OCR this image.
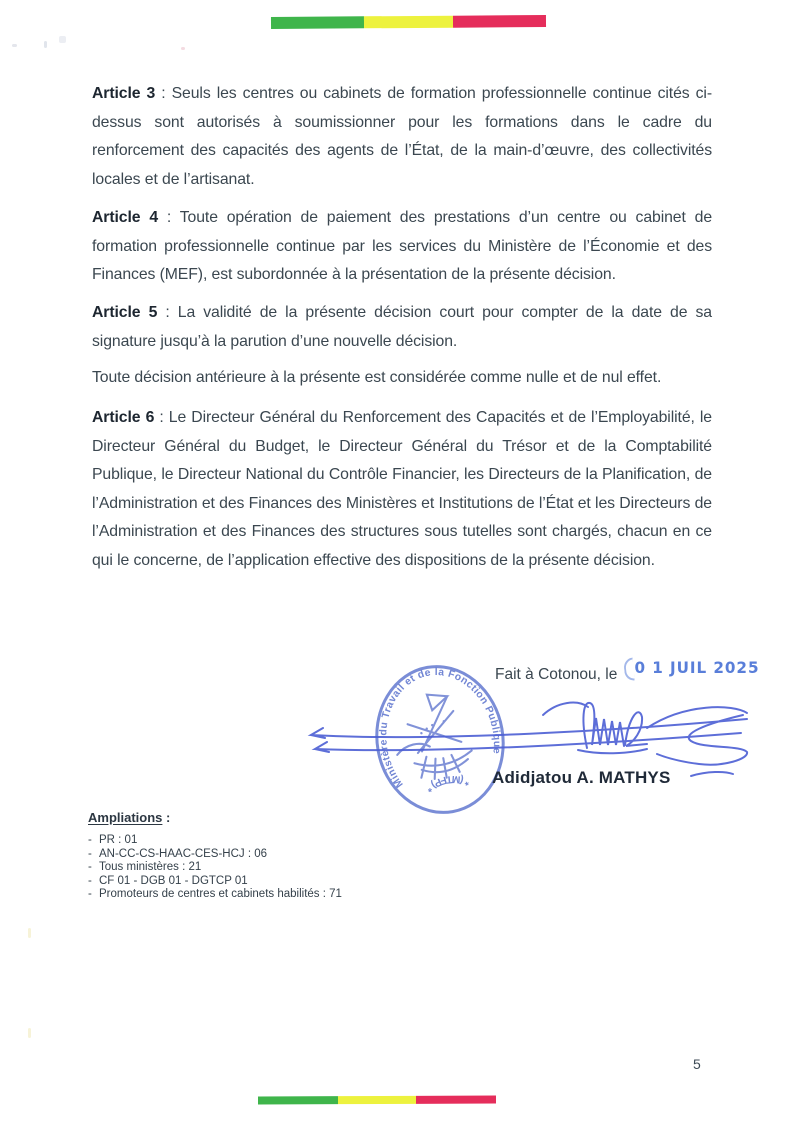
Article 3 : Seuls les centres ou cabinets de formation professionnelle continue cités ci-dessus sont autorisés à soumissionner pour les formations dans le cadre du renforcement des capacités des agents de l’État, de la main-d’œuvre, des collectivités locales et de l’artisanat.

Article 4 : Toute opération de paiement des prestations d’un centre ou cabinet de formation professionnelle continue par les services du Ministère de l’Économie et des Finances (MEF), est subordonnée à la présentation de la présente décision.

Article 5 : La validité de la présente décision court pour compter de la date de sa signature jusqu’à la parution d’une nouvelle décision.

Toute décision antérieure à la présente est considérée comme nulle et de nul effet.

Article 6 : Le Directeur Général du Renforcement des Capacités et de l’Employabilité, le Directeur Général du Budget, le Directeur Général du Trésor et de la Comptabilité Publique, le Directeur National du Contrôle Financier, les Directeurs de la Planification, de l’Administration et des Finances des Ministères et Institutions de l’État et les Directeurs de l’Administration et des Finances des structures sous tutelles sont chargés, chacun en ce qui le concerne, de l’application effective des dispositions de la présente décision.

Fait à Cotonou, le 0 1 JUIL 2025
Ministère du Travail et de la Fonction Publique
* (MTFP) *

Adidjatou A. MATHYS

Ampliations :
- PR : 01
- AN-CC-CS-HAAC-CES-HCJ : 06
- Tous ministères : 21
- CF 01 - DGB 01 - DGTCP 01
- Promoteurs de centres et cabinets habilités : 71
5
